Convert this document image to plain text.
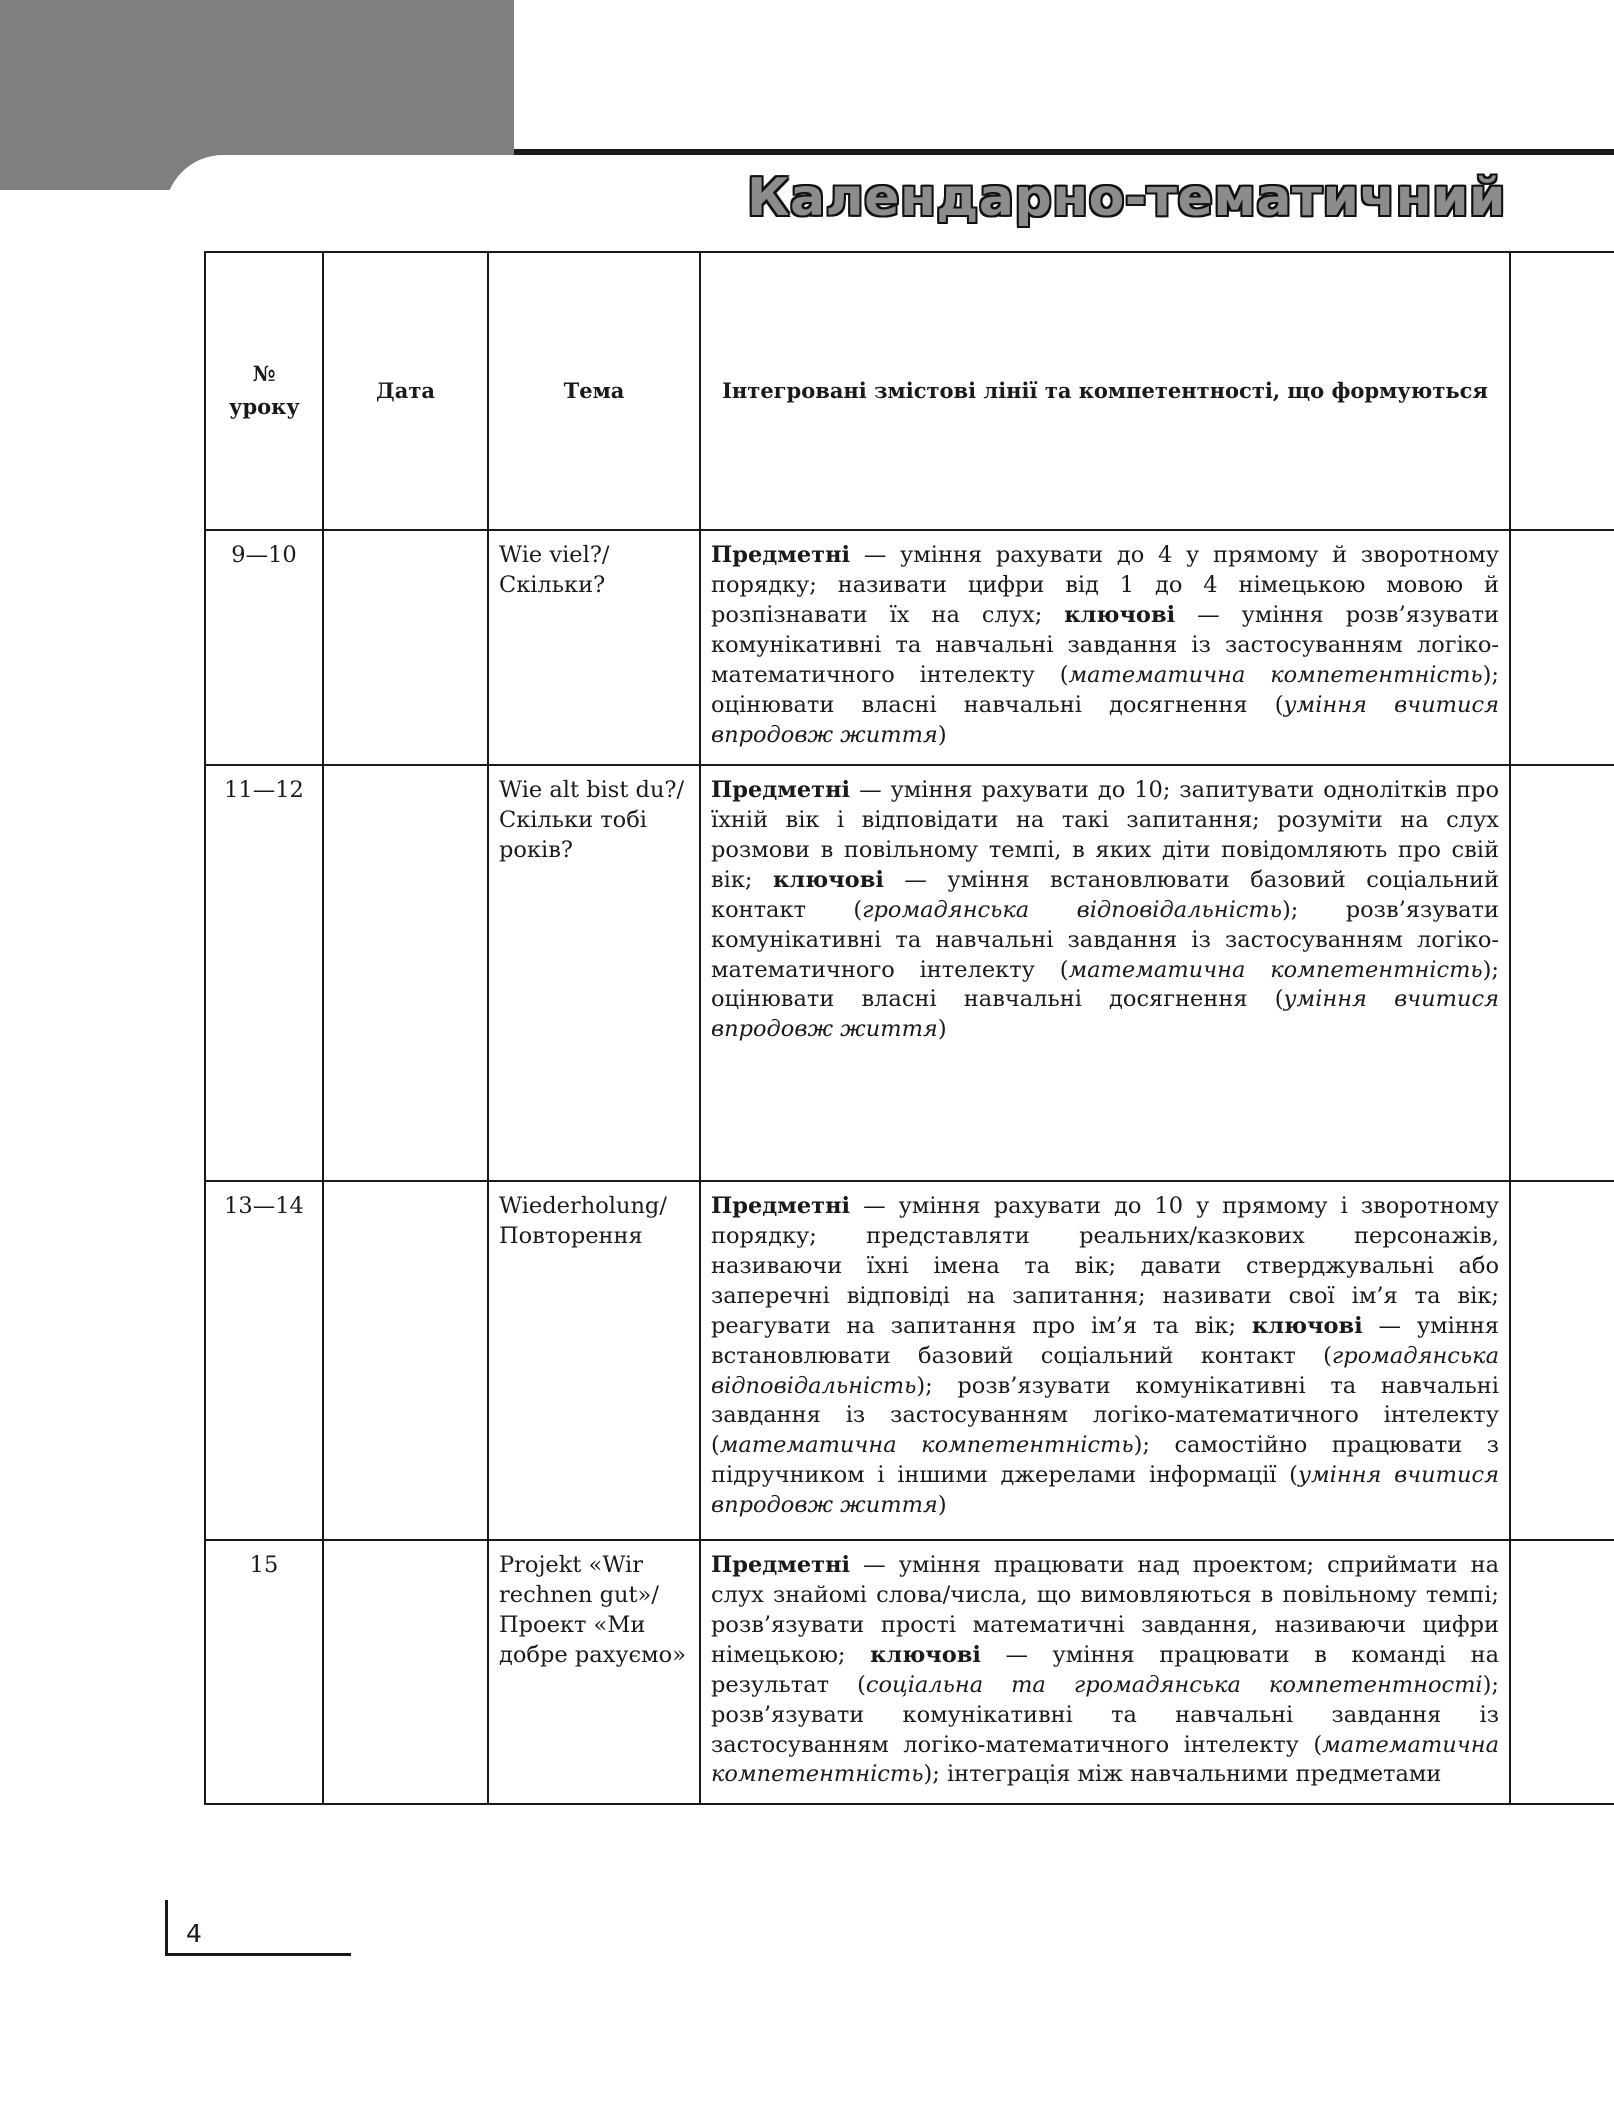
Календарно-тематичний
№ уроку	Дата	Тема	Інтегровані змістові лінії та компетентності, що формуються	
9—10		Wie viel?/ Скільки?	Предметні — уміння рахувати до 4 у прямому й зворотному порядку; називати цифри від 1 до 4 німецькою мовою й розпізнавати їх на слух; ключові — уміння розв’язувати комунікативні та навчальні завдання із застосуванням логіко-математичного інтелекту (математична компетентність); оцінювати власні навчальні досягнення (уміння вчитися впродовж життя)	
11—12		Wie alt bist du?/Скільки тобі років?	Предметні — уміння рахувати до 10; запитувати однолітків про їхній вік і відповідати на такі запитання; розуміти на слух розмови в повільному темпі, в яких діти повідомляють про свій вік; ключові — уміння встановлювати базовий соціальний контакт (громадянська відповідальність); розв’язувати комунікативні та навчальні завдання із застосуванням логіко-математичного інтелекту (математична компетентність); оцінювати власні навчальні досягнення (уміння вчитися впродовж життя)	
13—14		Wiederholung/ Повторення	Предметні — уміння рахувати до 10 у прямому і зворотному порядку; представляти реальних/казкових персонажів, називаючи їхні імена та вік; давати стверджувальні або заперечні відповіді на запитання; називати свої ім’я та вік; реагувати на запитання про ім’я та вік; ключові — уміння встановлювати базовий соціальний контакт (громадянська відповідальність); розв’язувати комунікативні та навчальні завдання із застосуванням логіко-математичного інтелекту (математична компетентність); самостійно працювати з підручником і іншими джерелами інформації (уміння вчитися впродовж життя)	
15		Projekt «Wir rechnen gut»/ Проект «Ми добре рахуємо»	Предметні — уміння працювати над проектом; сприймати на слух знайомі слова/числа, що вимовляються в повільному темпі; розв’язувати прості математичні завдання, називаючи цифри німецькою; ключові — уміння працювати в команді на результат (соціальна та громадянська компетентності); розв’язувати комунікативні та навчальні завдання із застосуванням логіко-математичного інтелекту (математична компетентність); інтеграція між навчальними предметами	
4
